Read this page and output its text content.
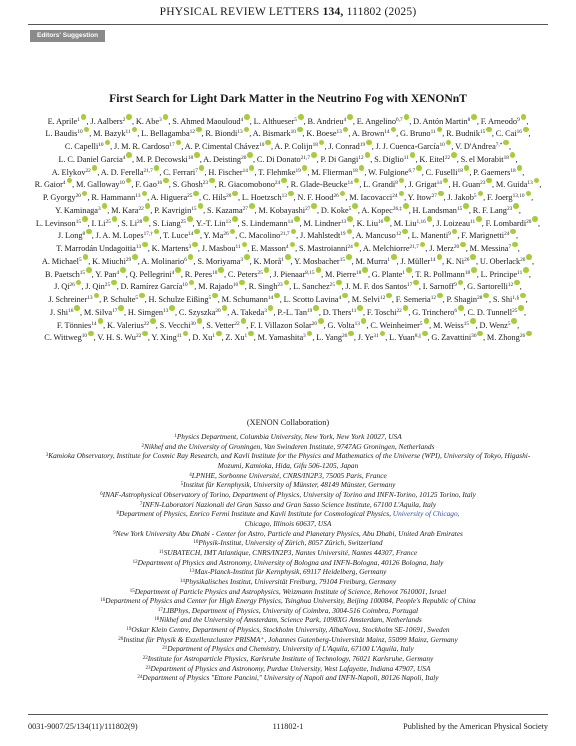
PHYSICAL REVIEW LETTERS 134, 111802 (2025)
Editors' Suggestion
First Search for Light Dark Matter in the Neutrino Fog with XENONnT
E. Aprile$^1$ , J. Aalbers$^2$ , K. Abe$^3$ , S. Ahmed Maouloud$^4$ , L. Althueser$^5$ , B. Andrieu$^4$ , E. Angelino$^{6,7}$ , D. Antón Martin$^8$ , F. Arneodo$^9$ , L. Baudis$^{10}$ , M. Bazyk$^{11}$ , L. Bellagamba$^{12}$ , R. Biondi$^{13}$ , A. Bismark$^{10}$ , K. Boese$^{13}$ , A. Brown$^{14}$ , G. Bruno$^{11}$ , R. Budnik$^{15}$ , C. Cai$^{16}$ , C. Capelli$^{10}$ , J. M. R. Cardoso$^{17}$ , A. P. Cimental Chávez$^{10}$ , A. P. Colijn$^{18}$ , J. Conrad$^{19}$ , J. J. Cuenca-García$^{10}$ , V. D'Andrea$^{7,*}$ , L. C. Daniel Garcia$^4$ , M. P. Decowski$^{18}$ , A. Deisting$^{20}$ , C. Di Donato$^{21,7}$ , P. Di Gangi$^{12}$ , S. Diglio$^{11}$ , K. Eitel$^{22}$ , S. el Morabit$^{18}$ , A. Elykov$^{22}$ , A. D. Ferella$^{21,7}$ , C. Ferrari$^7$ , H. Fischer$^{14}$ , T. Flehmke$^{19}$ , M. Flierman$^{18}$ , W. Fulgione$^{6,7}$ , C. Fuselli$^{18}$ , P. Gaemers$^{18}$ , R. Gaior$^4$ , M. Galloway$^{10}$ , F. Gao$^{16}$ , S. Ghosh$^{23}$ , R. Giacomobono$^{24}$ , R. Glade-Beucke$^{14}$ , L. Grandi$^8$ , J. Grigat$^{14}$ , H. Guan$^{23}$ , M. Guida$^{13}$ , P. Gyorgy$^{20}$ , R. Hammann$^{13}$ , A. Higuera$^{25}$ , C. Hils$^{20}$ , L. Hoetzsch$^{13}$ , N. F. Hood$^{26}$ , M. Iacovacci$^{24}$ , Y. Itow$^{27}$ , J. Jakob$^5$ , F. Joerg$^{13,10}$ , Y. Kaminaga$^3$ , M. Kara$^{22}$ , P. Kavrigin$^{15}$ , S. Kazama$^{27}$ , M. Kobayashi$^{27}$ , D. Koke$^5$ , A. Kopec$^{26,\ddagger}$ , H. Landsman$^{15}$ , R. F. Lang$^{23}$ , L. Levinson$^{15}$ , I. Li$^{25}$ , S. Li$^{28}$ , S. Liang$^{25}$ , Y.-T. Lin$^{13}$ , S. Lindemann$^{14}$ , M. Lindner$^{13}$ , K. Liu$^{16}$ , M. Liu$^{1,16}$ , J. Loizeau$^{11}$ , F. Lombardi$^{20}$ , J. Long$^8$ , J. A. M. Lopes$^{17,\dagger}$ , T. Luce$^{14}$ , Y. Ma$^{26}$ , C. Macolino$^{21,7}$ , J. Mahlstedt$^{19}$ , A. Mancuso$^{12}$ , L. Manenti$^9$ , F. Marignetti$^{24}$ , T. Marrodán Undagoitia$^{13}$ , K. Martens$^3$ , J. Masbou$^{11}$ , E. Masson$^4$ , S. Mastroianni$^{24}$ , A. Melchiorre$^{21,7}$ , J. Merz$^{20}$ , M. Messina$^7$ , A. Michael$^5$ , K. Miuchi$^{29}$ , A. Molinario$^6$ , S. Moriyama$^3$ , K. Morå$^1$ , Y. Mosbacher$^{15}$ , M. Murra$^1$ , J. Müller$^{14}$ , K. Ni$^{26}$ , U. Oberlack$^{20}$ , B. Paetsch$^{15}$ , Y. Pan$^4$ , Q. Pellegrini$^4$ , R. Peres$^{10}$ , C. Peters$^{25}$ , J. Pienaar$^{8,15}$ , M. Pierre$^{18}$ , G. Plante$^1$ , T. R. Pollmann$^{18}$ , L. Principe$^{11}$ , J. Qi$^{26}$ , J. Qin$^{25}$ , D. Ramírez García$^{10}$ , M. Rajado$^{10}$ , R. Singh$^{23}$ , L. Sanchez$^{25}$ , J. M. F. dos Santos$^{17}$ , I. Sarnoff$^9$ , G. Sartorelli$^{12}$ , J. Schreiner$^{13}$ , P. Schulte$^5$ , H. Schulze Eißing$^5$ , M. Schumann$^{14}$ , L. Scotto Lavina$^4$ , M. Selvi$^{12}$ , F. Semeria$^{12}$ , P. Shagin$^{28}$ , S. Shi$^{1,\S}$ , J. Shi$^{16}$ , M. Silva$^{17}$ , H. Simgen$^{13}$ , C. Szyszka$^{20}$ , A. Takeda$^3$ , P.-L. Tan$^{19}$ , D. Thers$^{11}$ , F. Toschi$^{22}$ , G. Trinchero$^6$ , C. D. Tunnell$^{25}$ , F. Tönnies$^{14}$ , K. Valerius$^{22}$ , S. Vecchi$^{30}$ , S. Vetter$^{22}$ , F. I. Villazon Solar$^{20}$ , G. Volta$^{13}$ , C. Weinheimer$^5$ , M. Weiss$^{15}$ , D. Wenz$^5$ , C. Wittweg$^{10}$ , V. H. S. Wu$^{22}$ , Y. Xing$^{11}$ , D. Xu$^1$ , Z. Xu$^1$ , M. Yamashita$^3$ , L. Yang$^{26}$ , J. Ye$^{31}$ , L. Yuan$^{8,||}$ , G. Zavattini$^{30}$ , M. Zhong$^{26}$
(XENON Collaboration)
$^1$Physics Department, Columbia University, New York, New York 10027, USA
$^2$Nikhef and the University of Groningen, Van Swinderen Institute, 9747AG Groningen, Netherlands
$^3$Kamioka Observatory, Institute for Cosmic Ray Research, and Kavli Institute for the Physics and Mathematics of the Universe (WPI), University of Tokyo, Higashi-Mozumi, Kamioka, Hida, Gifu 506-1205, Japan
$^4$LPNHE, Sorbonne Université, CNRS/IN2P3, 75005 Paris, France
$^5$Institut für Kernphysik, University of Münster, 48149 Münster, Germany
$^6$INAF-Astrophysical Observatory of Torino, Department of Physics, University of Torino and INFN-Torino, 10125 Torino, Italy
$^7$INFN-Laboratori Nazionali del Gran Sasso and Gran Sasso Science Institute, 67100 L'Aquila, Italy
$^8$Department of Physics, Enrico Fermi Institute and Kavli Institute for Cosmological Physics, University of Chicago,
Chicago, Illinois 60637, USA
$^9$New York University Abu Dhabi - Center for Astro, Particle and Planetary Physics, Abu Dhabi, United Arab Emirates
$^{10}$Physik-Institut, University of Zürich, 8057 Zürich, Switzerland
$^{11}$SUBATECH, IMT Atlantique, CNRS/IN2P3, Nantes Université, Nantes 44307, France
$^{12}$Department of Physics and Astronomy, University of Bologna and INFN-Bologna, 40126 Bologna, Italy
$^{13}$Max-Planck-Institut für Kernphysik, 69117 Heidelberg, Germany
$^{14}$Physikalisches Institut, Universität Freiburg, 79104 Freiburg, Germany
$^{15}$Department of Particle Physics and Astrophysics, Weizmann Institute of Science, Rehovot 7610001, Israel
$^{16}$Department of Physics and Center for High Energy Physics, Tsinghua University, Beijing 100084, People's Republic of China
$^{17}$LIBPhys, Department of Physics, University of Coimbra, 3004-516 Coimbra, Portugal
$^{18}$Nikhef and the University of Amsterdam, Science Park, 1098XG Amsterdam, Netherlands
$^{19}$Oskar Klein Centre, Department of Physics, Stockholm University, AlbaNova, Stockholm SE-10691, Sweden
$^{20}$Institut für Physik & Exzellenzcluster PRISMA⁺, Johannes Gutenberg-Universität Mainz, 55099 Mainz, Germany
$^{21}$Department of Physics and Chemistry, University of L'Aquila, 67100 L'Aquila, Italy
$^{22}$Institute for Astroparticle Physics, Karlsruhe Institute of Technology, 76021 Karlsruhe, Germany
$^{23}$Department of Physics and Astronomy, Purdue University, West Lafayette, Indiana 47907, USA
$^{24}$Department of Physics "Ettore Pancini," University of Napoli and INFN-Napoli, 80126 Napoli, Italy
0031-9007/25/134(11)/111802(9)	111802-1	Published by the American Physical Society
